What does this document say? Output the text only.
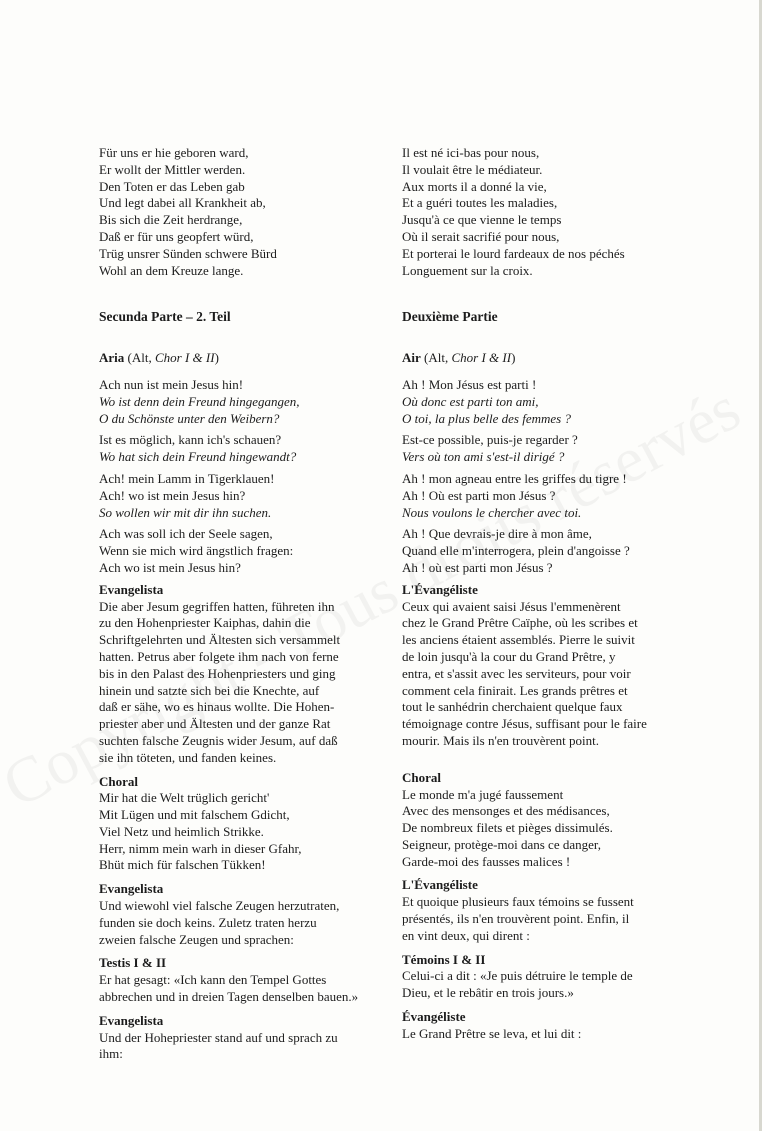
Für uns er hie geboren ward,
Er wollt der Mittler werden.
Den Toten er das Leben gab
Und legt dabei all Krankheit ab,
Bis sich die Zeit herdrange,
Daß er für uns geopfert würd,
Trüg unsrer Sünden schwere Bürd
Wohl an dem Kreuze lange.
Secunda Parte – 2. Teil
Aria (Alt, Chor I & II)
Ach nun ist mein Jesus hin!
Wo ist denn dein Freund hingegangen,
O du Schönste unter den Weibern?
Ist es möglich, kann ich's schauen?
Wo hat sich dein Freund hingewandt?
Ach! mein Lamm in Tigerklauen!
Ach! wo ist mein Jesus hin?
So wollen wir mit dir ihn suchen.
Ach was soll ich der Seele sagen,
Wenn sie mich wird ängstlich fragen:
Ach wo ist mein Jesus hin?
Evangelista
Die aber Jesum gegriffen hatten, führeten ihn
zu den Hohenpriester Kaiphas, dahin die
Schriftgelehrten und Ältesten sich versammelt
hatten. Petrus aber folgete ihm nach von ferne
bis in den Palast des Hohenpriesters und ging
hinein und satzte sich bei die Knechte, auf
daß er sähe, wo es hinaus wollte. Die Hohen-
priester aber und Ältesten und der ganze Rat
suchten falsche Zeugnis wider Jesum, auf daß
sie ihn töteten, und fanden keines.
Choral
Mir hat die Welt trüglich gericht'
Mit Lügen und mit falschem Gdicht,
Viel Netz und heimlich Strikke.
Herr, nimm mein warh in dieser Gfahr,
Bhüt mich für falschen Tükken!
Evangelista
Und wiewohl viel falsche Zeugen herzutraten,
funden sie doch keins. Zuletz traten herzu
zweien falsche Zeugen und sprachen:
Testis I & II
Er hat gesagt: «Ich kann den Tempel Gottes
abbrechen und in dreien Tagen denselben bauen.»
Evangelista
Und der Hohepriester stand auf und sprach zu
ihm:
Il est né ici-bas pour nous,
Il voulait être le médiateur.
Aux morts il a donné la vie,
Et a guéri toutes les maladies,
Jusqu'à ce que vienne le temps
Où il serait sacrifié pour nous,
Et porterai le lourd fardeaux de nos péchés
Longuement sur la croix.
Deuxième Partie
Air (Alt, Chor I & II)
Ah ! Mon Jésus est parti !
Où donc est parti ton ami,
O toi, la plus belle des femmes ?
Est-ce possible, puis-je regarder ?
Vers où ton ami s'est-il dirigé ?
Ah ! mon agneau entre les griffes du tigre !
Ah ! Où est parti mon Jésus ?
Nous voulons le chercher avec toi.
Ah ! Que devrais-je dire à mon âme,
Quand elle m'interrogera, plein d'angoisse ?
Ah ! où est parti mon Jésus ?
L'Évangéliste
Ceux qui avaient saisi Jésus l'emmenèrent
chez le Grand Prêtre Caïphe, où les scribes et
les anciens étaient assemblés. Pierre le suivit
de loin jusqu'à la cour du Grand Prêtre, y
entra, et s'assit avec les serviteurs, pour voir
comment cela finirait. Les grands prêtres et
tout le sanhédrin cherchaient quelque faux
témoignage contre Jésus, suffisant pour le faire
mourir. Mais ils n'en trouvèrent point.
Choral
Le monde m'a jugé faussement
Avec des mensonges et des médisances,
De nombreux filets et pièges dissimulés.
Seigneur, protège-moi dans ce danger,
Garde-moi des fausses malices !
L'Évangéliste
Et quoique plusieurs faux témoins se fussent
présentés, ils n'en trouvèrent point. Enfin, il
en vint deux, qui dirent :
Témoins I & II
Celui-ci a dit : «Je puis détruire le temple de
Dieu, et le rebâtir en trois jours.»
Évangéliste
Le Grand Prêtre se leva, et lui dit :
